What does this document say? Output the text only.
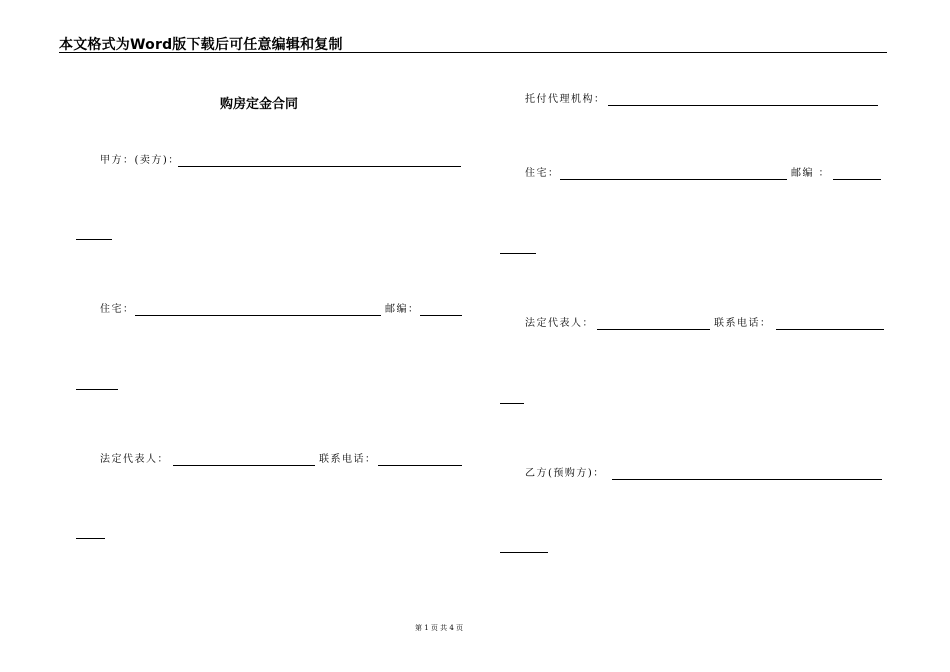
本文格式为Word版下载后可任意编辑和复制
购房定金合同
甲方：(卖方)：
住宅：	邮编：
法定代表人：	联系电话：
托付代理机构：
住宅：	邮编 ：
法定代表人：	联系电话：
乙方(预购方)：
第 1 页 共 4 页
